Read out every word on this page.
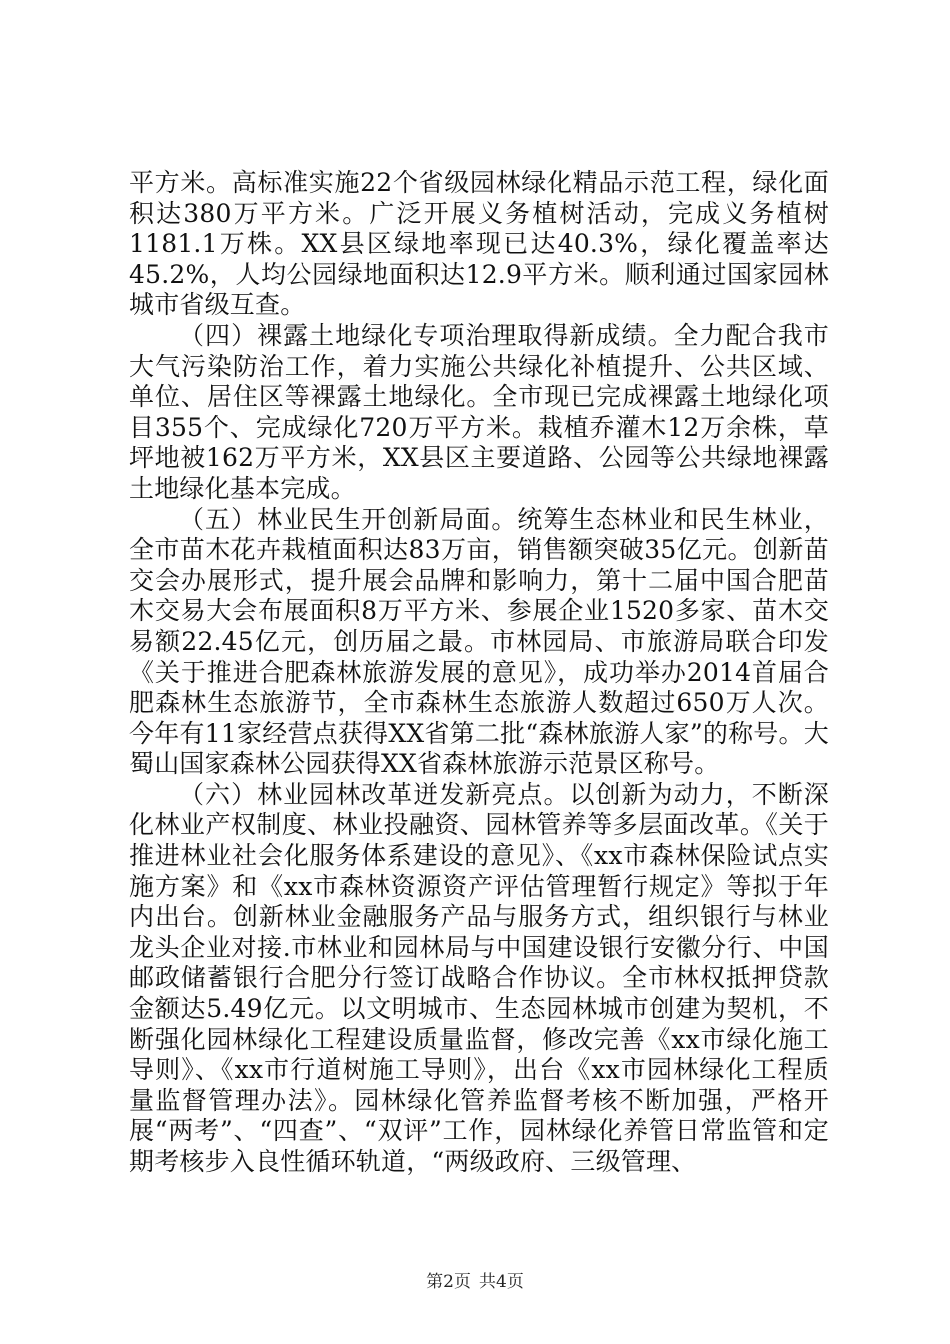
平方米。高标准实施22个省级园林绿化精品示范工程，绿化面积达380万平方米。广泛开展义务植树活动，完成义务植树1181.1万株。XX县区绿地率现已达40.3%，绿化覆盖率达45.2%，人均公园绿地面积达12.9平方米。顺利通过国家园林城市省级互查。

（四）裸露土地绿化专项治理取得新成绩。全力配合我市大气污染防治工作，着力实施公共绿化补植提升、公共区域、单位、居住区等裸露土地绿化。全市现已完成裸露土地绿化项目355个、完成绿化720万平方米。栽植乔灌木12万余株，草坪地被162万平方米，XX县区主要道路、公园等公共绿地裸露土地绿化基本完成。

（五）林业民生开创新局面。统筹生态林业和民生林业，全市苗木花卉栽植面积达83万亩，销售额突破35亿元。创新苗交会办展形式，提升展会品牌和影响力，第十二届中国合肥苗木交易大会布展面积8万平方米、参展企业1520多家、苗木交易额22.45亿元，创历届之最。市林园局、市旅游局联合印发《关于推进合肥森林旅游发展的意见》，成功举办2014首届合肥森林生态旅游节，全市森林生态旅游人数超过650万人次。今年有11家经营点获得XX省第二批“森林旅游人家”的称号。大蜀山国家森林公园获得XX省森林旅游示范景区称号。

（六）林业园林改革迸发新亮点。以创新为动力，不断深化林业产权制度、林业投融资、园林管养等多层面改革。《关于推进林业社会化服务体系建设的意见》、《xx市森林保险试点实施方案》和《xx市森林资源资产评估管理暂行规定》等拟于年内出台。创新林业金融服务产品与服务方式，组织银行与林业龙头企业对接.市林业和园林局与中国建设银行安徽分行、中国邮政储蓄银行合肥分行签订战略合作协议。全市林权抵押贷款金额达5.49亿元。以文明城市、生态园林城市创建为契机，不断强化园林绿化工程建设质量监督，修改完善《xx市绿化施工导则》、《xx市行道树施工导则》，出台《xx市园林绿化工程质量监督管理办法》。园林绿化管养监督考核不断加强，严格开展“两考”、“四查”、“双评”工作，园林绿化养管日常监管和定期考核步入良性循环轨道，“两级政府、三级管理、

第2页 共4页
